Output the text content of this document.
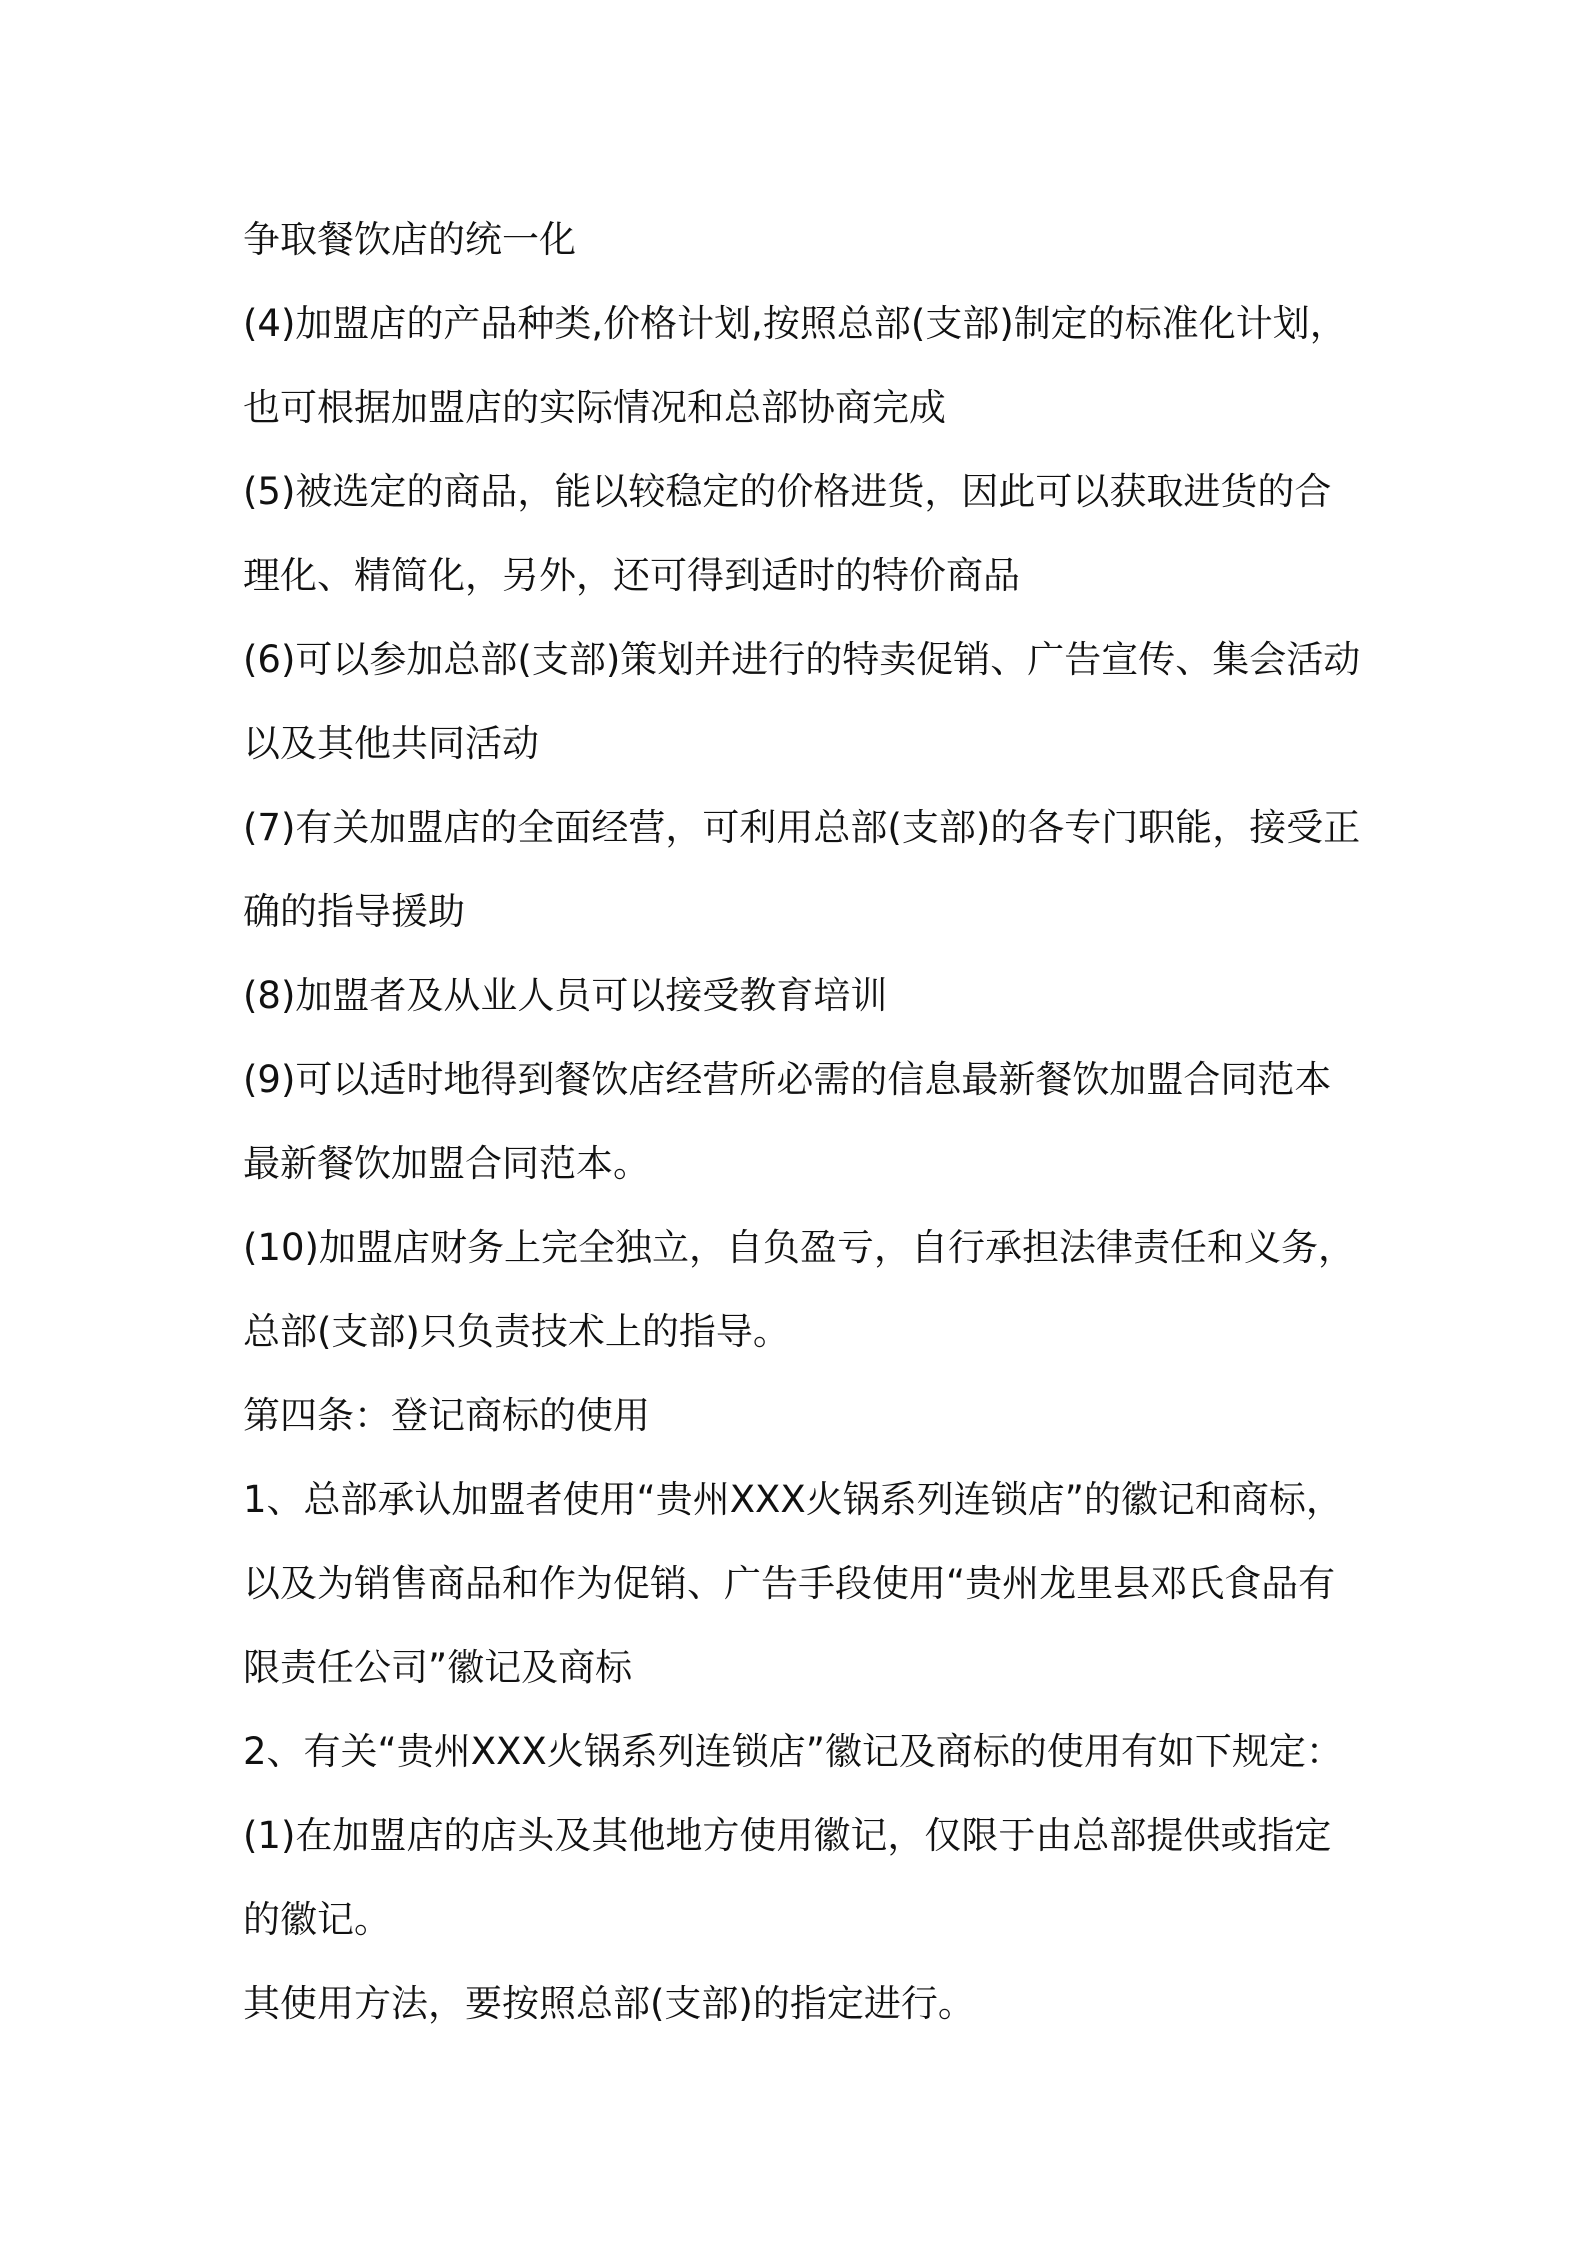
争取餐饮店的统一化
(4)加盟店的产品种类,价格计划,按照总部(支部)制定的标准化计划，
也可根据加盟店的实际情况和总部协商完成
(5)被选定的商品，能以较稳定的价格进货，因此可以获取进货的合
理化、精简化，另外，还可得到适时的特价商品
(6)可以参加总部(支部)策划并进行的特卖促销、广告宣传、集会活动
以及其他共同活动
(7)有关加盟店的全面经营，可利用总部(支部)的各专门职能，接受正
确的指导援助
(8)加盟者及从业人员可以接受教育培训
(9)可以适时地得到餐饮店经营所必需的信息最新餐饮加盟合同范本
最新餐饮加盟合同范本。
(10)加盟店财务上完全独立，自负盈亏，自行承担法律责任和义务，
总部(支部)只负责技术上的指导。
第四条：登记商标的使用
1、总部承认加盟者使用“贵州XXX火锅系列连锁店”的徽记和商标，
以及为销售商品和作为促销、广告手段使用“贵州龙里县邓氏食品有
限责任公司”徽记及商标
2、有关“贵州XXX火锅系列连锁店”徽记及商标的使用有如下规定：
(1)在加盟店的店头及其他地方使用徽记，仅限于由总部提供或指定
的徽记。
其使用方法，要按照总部(支部)的指定进行。
